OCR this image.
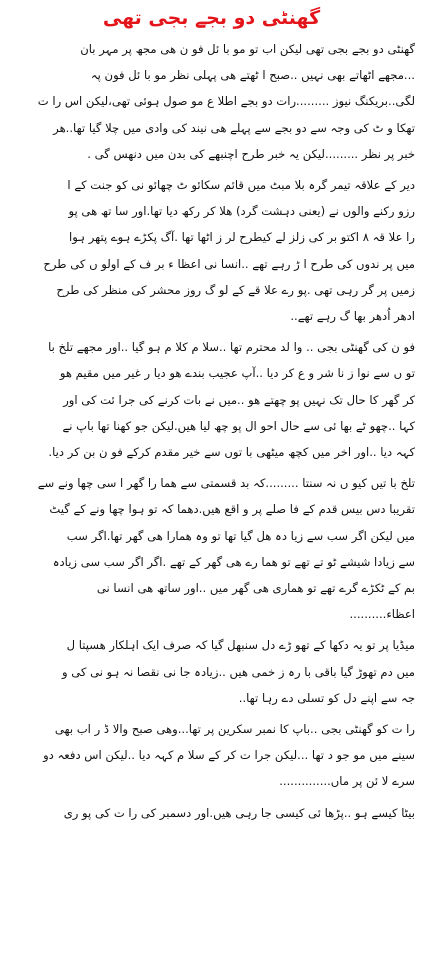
گھنٹی دو بجے بجی تھی
گھنٹی دو بجے بجی تھی لیکن اب تو مو با ئل فو ن ھی مجھ پر مہر بان
...مجھے اٹھاتے بھی نہیں ..صبح ا ٹھتے ھی پہلی نظر مو با ئل فون پہ
لگی..بریکنگ نیوز .........رات دو بجے اطلا ع مو صول ہوئی تھی،لیکن اس را ت
تھکا و ٹ کی وجہ سے دو بجے سے پہلے ھی نیند کی وادی میں چلا گیا تھا..ھر
خبر پر نظر .........لیکن یہ خبر طرح اچنبھے کی بدن میں دنھس گی .
دیر کے علاقہ تیمر گرہ بلا مبٹ میں قائم سکائو ٹ چھائو نی کو جنت کے ا
رزو رکنے والوں نے (یعنی دہشت گرد) ھلا کر رکھ دیا تھا.اور سا تھ ھی پو
را علا قہ ۸ اکتو بر کی زلز لے کیطرح لر ز اٹھا تھا .آگ پکڑے ہوے پتھر ہوا
میں پر ندوں کی طرح ا ڑ رہے تھے ..انسا نی اعظا ء بر ف کے اولو ں کی طرح
زمیں پر گر رہی تھی .پو رے علا قے کے لو گ روز محشر کی منظر کی طرح
ادھر اُدھر بھا گ رہے تھے..
فو ن کی گھنٹی بجی .. وا لد محترم تھا ..سلا م کلا م ہو گیا ..اور مجھے تلخ با
تو ں سے نوا ز نا شر و ع کر دیا ..آپ عجیب بندے ھو دیا ر غیر میں مقیم ھو
کر گھر کا حال تک نہیں پو چھتے ھو ..میں نے بات کرنے کی جرا ئت کی اور
کہا ..چھو ٹے بھا ئی سے حال احو ال پو چھ لیا ھیں.لیکن جو کھنا تھا باپ نے
کہہ دیا ..اور اخر میں کچھ میٹھی با توں سے خیر مقدم کرکے فو ن بن کر دیا.
تلخ با تیں کیو ں نہ سنتا .........کہ بد قسمتی سے ھما را گھر ا سی چھا ونے سے
تقریبا دس بیس قدم کے فا صلے پر و اقع ھیں.دھما کہ تو ہوا چھا ونے کے گیٹ
میں لیکن اگر سب سے زیا دہ ھل گیا تھا تو وہ ھمارا ھی گھر تھا.اگر سب
سے زیادا شیشے ٹو تے تھے تو ھما رے ھی گھر کے تھے .اگر اگر سب سی زیادہ
بم کے ٹکڑے گرے تھے تو ھماری ھی گھر میں ..اور ساتھ ھی انسا نی
اعظاء..........
میڈیا پر تو یہ دکھا کے تھو ڑے دل سنبھل گیا کہ صرف ایک اہلکار ھسپتا ل
میں دم تھوڑ گیا باقی با رہ ز خمی ھیں ..زیادہ جا نی نقصا نہ ہو نی کی و
جہ سے اپنے دل کو تسلی دے رہا تھا..
را ت کو گھنٹی بجی ..باپ کا نمبر سکرین پر تھا...وھی صبح والا ڈ ر اب بھی
سینے میں مو جو د تھا ...لیکن جرا ت کر کے سلا م کہہ دیا ..لیکن اس دفعہ دو
سرے لا ئن پر ماں..............
بیٹا کیسے ہو ..پڑھا ئی کیسی جا رہی ھیں.اور دسمبر کی را ت کی پو ری
